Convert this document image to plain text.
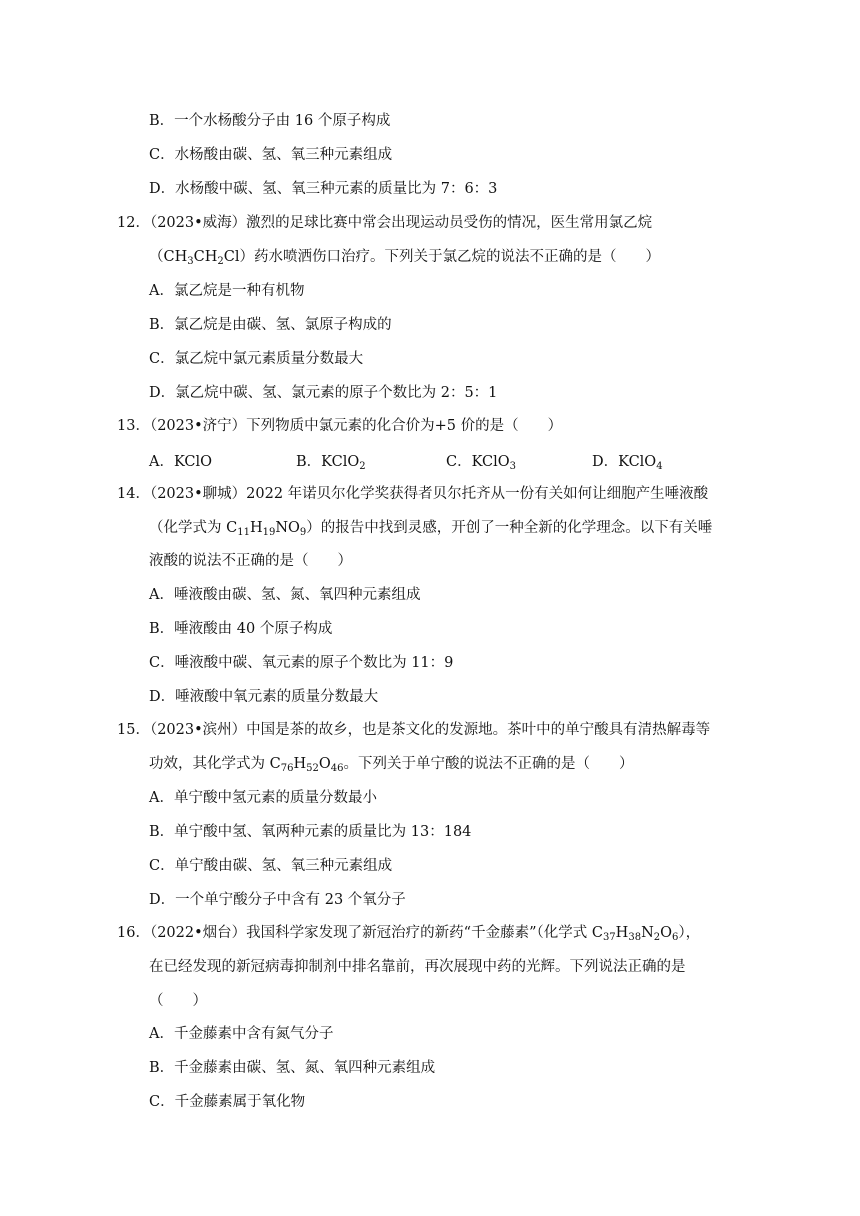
B．一个水杨酸分子由 16 个原子构成
C．水杨酸由碳、氢、氧三种元素组成
D．水杨酸中碳、氢、氧三种元素的质量比为 7：6：3
12．（2023•威海）激烈的足球比赛中常会出现运动员受伤的情况，医生常用氯乙烷
$(CH_3CH_2Cl)$药水喷洒伤口治疗。下列关于氯乙烷的说法不正确的是（　　）
A．氯乙烷是一种有机物
B．氯乙烷是由碳、氢、氯原子构成的
C．氯乙烷中氯元素质量分数最大
D．氯乙烷中碳、氢、氯元素的原子个数比为 2：5：1
13．（2023•济宁）下列物质中氯元素的化合价为+5 价的是（　　）
A．KClO	B．KClO$_2$	C．KClO$_3$	D．KClO$_4$
14．（2023•聊城）2022 年诺贝尔化学奖获得者贝尔托齐从一份有关如何让细胞产生唾液酸
（化学式为 $C_{11}H_{19}NO_9$）的报告中找到灵感，开创了一种全新的化学理念。以下有关唾
液酸的说法不正确的是（　　）
A．唾液酸由碳、氢、氮、氧四种元素组成
B．唾液酸由 40 个原子构成
C．唾液酸中碳、氧元素的原子个数比为 11：9
D．唾液酸中氧元素的质量分数最大
15．（2023•滨州）中国是茶的故乡，也是茶文化的发源地。茶叶中的单宁酸具有清热解毒等
功效，其化学式为 $C_{76}H_{52}O_{46}$。下列关于单宁酸的说法不正确的是（　　）
A．单宁酸中氢元素的质量分数最小
B．单宁酸中氢、氧两种元素的质量比为 13：184
C．单宁酸由碳、氢、氧三种元素组成
D．一个单宁酸分子中含有 23 个氧分子
16．（2022•烟台）我国科学家发现了新冠治疗的新药“千金藤素”（化学式 $C_{37}H_{38}N_2O_6$），
在已经发现的新冠病毒抑制剂中排名靠前，再次展现中药的光辉。下列说法正确的是
（　　）
A．千金藤素中含有氮气分子
B．千金藤素由碳、氢、氮、氧四种元素组成
C．千金藤素属于氧化物
